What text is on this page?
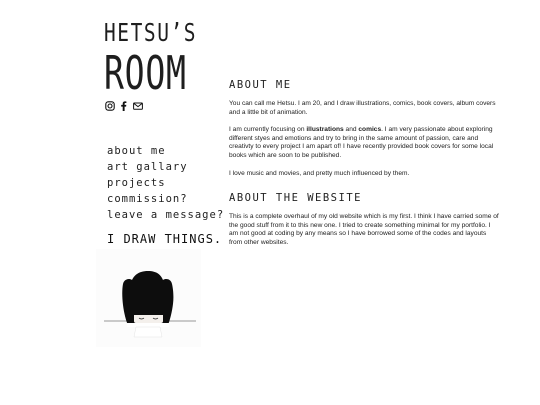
HETSU’S
ROOM
about me
art gallary
projects
commission?
leave a message?
I DRAW THINGS.
ABOUT ME

You can call me Hetsu. I am 20, and I draw illustrations, comics, book covers, album covers and a little bit of animation.

I am currently focusing on illustrations and comics. I am very passionate about exploring different styes and emotions and try to bring in the same amount of passion, care and creativty to every project I am apart of! I have recently provided book covers for some local books which are soon to be published.

I love music and movies, and pretty much influenced by them.

ABOUT THE WEBSITE

This is a complete overhaul of my old website which is my first. I think I have carried some of the good stuff from it to this new one. I tried to create something minimal for my portfolio. I am not good at coding by any means so I have borrowed some of the codes and layouts from other websites.
